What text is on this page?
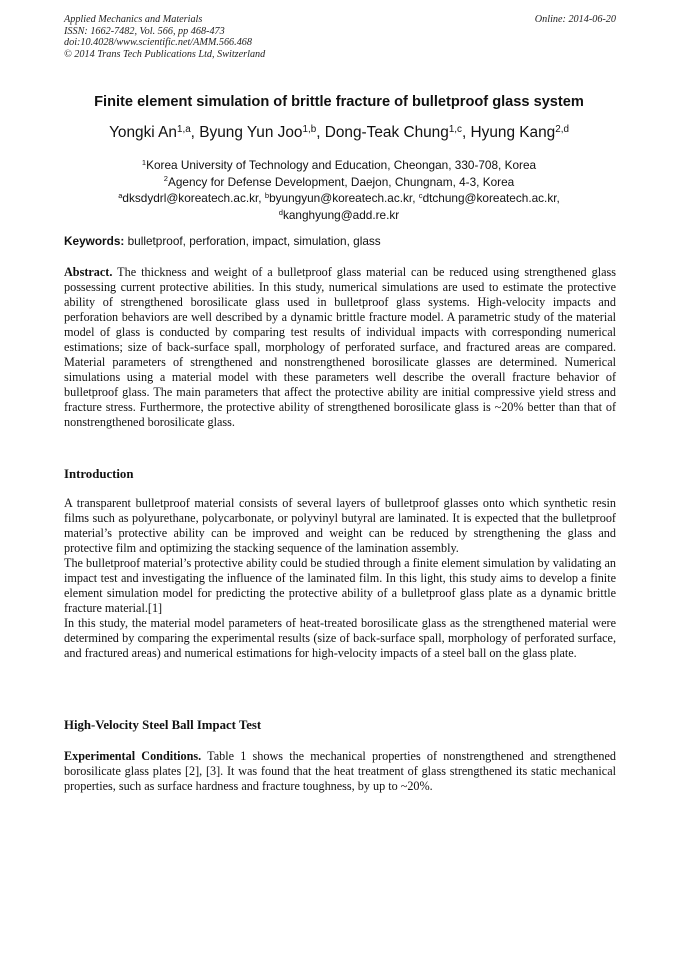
Applied Mechanics and Materials
ISSN: 1662-7482, Vol. 566, pp 468-473
doi:10.4028/www.scientific.net/AMM.566.468
© 2014 Trans Tech Publications Ltd, Switzerland
Online: 2014-06-20
Finite element simulation of brittle fracture of bulletproof glass system
Yongki An$^{1,a}$, Byung Yun Joo$^{1,b}$, Dong-Teak Chung$^{1,c}$, Hyung Kang$^{2,d}$
$^1$Korea University of Technology and Education, Cheongan, 330-708, Korea
$^2$Agency for Defense Development, Daejon, Chungnam, 4-3, Korea
$^a$dksdydrl@koreatech.ac.kr, $^b$byungyun@koreatech.ac.kr, $^c$dtchung@koreatech.ac.kr,
$^d$kanghyung@add.re.kr
Keywords: bulletproof, perforation, impact, simulation, glass
Abstract. The thickness and weight of a bulletproof glass material can be reduced using strengthened glass possessing current protective abilities. In this study, numerical simulations are used to estimate the protective ability of strengthened borosilicate glass used in bulletproof glass systems. High-velocity impacts and perforation behaviors are well described by a dynamic brittle fracture model. A parametric study of the material model of glass is conducted by comparing test results of individual impacts with corresponding numerical estimations; size of back-surface spall, morphology of perforated surface, and fractured areas are compared. Material parameters of strengthened and nonstrengthened borosilicate glasses are determined. Numerical simulations using a material model with these parameters well describe the overall fracture behavior of bulletproof glass. The main parameters that affect the protective ability are initial compressive yield stress and fracture stress. Furthermore, the protective ability of strengthened borosilicate glass is ~20% better than that of nonstrengthened borosilicate glass.
Introduction

A transparent bulletproof material consists of several layers of bulletproof glasses onto which synthetic resin films such as polyurethane, polycarbonate, or polyvinyl butyral are laminated. It is expected that the bulletproof material’s protective ability can be improved and weight can be reduced by strengthening the glass and protective film and optimizing the stacking sequence of the lamination assembly.

The bulletproof material’s protective ability could be studied through a finite element simulation by validating an impact test and investigating the influence of the laminated film. In this light, this study aims to develop a finite element simulation model for predicting the protective ability of a bulletproof glass plate as a dynamic brittle fracture material.[1]

In this study, the material model parameters of heat-treated borosilicate glass as the strengthened material were determined by comparing the experimental results (size of back-surface spall, morphology of perforated surface, and fractured areas) and numerical estimations for high-velocity impacts of a steel ball on the glass plate.

High-Velocity Steel Ball Impact Test
Experimental Conditions. Table 1 shows the mechanical properties of nonstrengthened and strengthened borosilicate glass plates [2], [3]. It was found that the heat treatment of glass strengthened its static mechanical properties, such as surface hardness and fracture toughness, by up to ~20%.
